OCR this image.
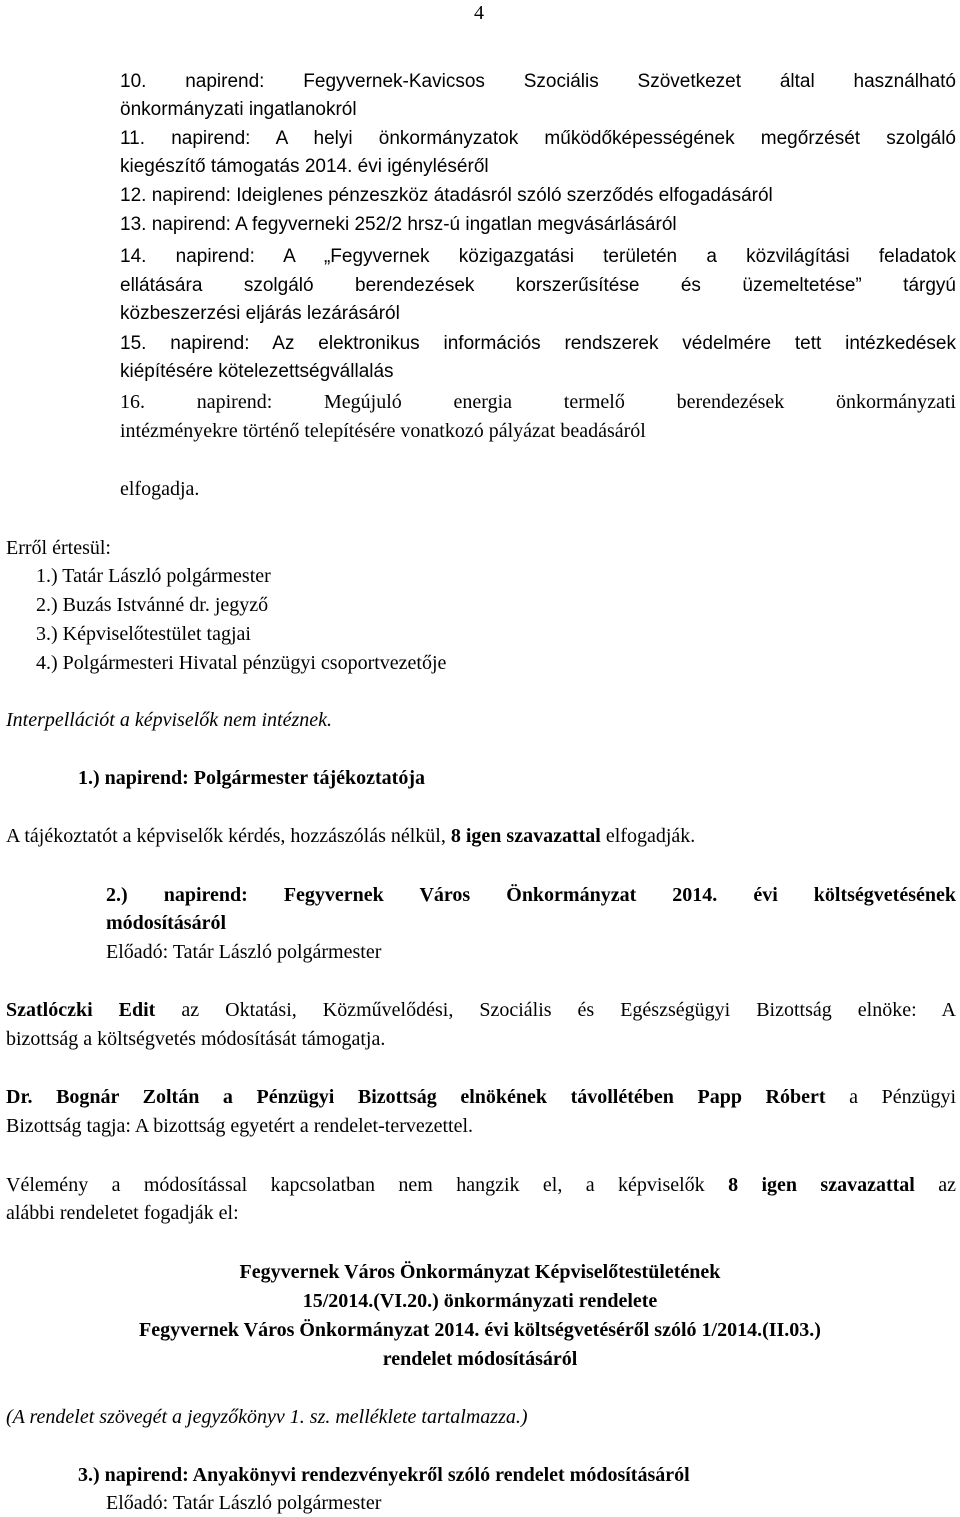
4
10. napirend: Fegyvernek-Kavicsos Szociális Szövetkezet által használható
önkormányzati ingatlanokról
11. napirend: A helyi önkormányzatok működőképességének megőrzését szolgáló
kiegészítő támogatás 2014. évi igényléséről
12. napirend: Ideiglenes pénzeszköz átadásról szóló szerződés elfogadásáról
13. napirend: A fegyverneki 252/2 hrsz-ú ingatlan megvásárlásáról
14. napirend: A „Fegyvernek közigazgatási területén a közvilágítási feladatok
ellátására szolgáló berendezések korszerűsítése és üzemeltetése” tárgyú
közbeszerzési eljárás lezárásáról
15. napirend: Az elektronikus információs rendszerek védelmére tett intézkedések
kiépítésére kötelezettségvállalás
16. napirend: Megújuló energia termelő berendezések önkormányzati
intézményekre történő telepítésére vonatkozó pályázat beadásáról
elfogadja.
Erről értesül:
1.) Tatár László polgármester
2.) Buzás Istvánné dr. jegyző
3.) Képviselőtestület tagjai
4.) Polgármesteri Hivatal pénzügyi csoportvezetője
Interpellációt a képviselők nem intéznek.
1.) napirend: Polgármester tájékoztatója
A tájékoztatót a képviselők kérdés, hozzászólás nélkül, 8 igen szavazattal elfogadják.
2.) napirend: Fegyvernek Város Önkormányzat 2014. évi költségvetésének
módosításáról
Előadó: Tatár László polgármester
Szatlóczki Edit az Oktatási, Közművelődési, Szociális és Egészségügyi Bizottság elnöke: A
bizottság a költségvetés módosítását támogatja.
Dr. Bognár Zoltán a Pénzügyi Bizottság elnökének távollétében Papp Róbert a Pénzügyi
Bizottság tagja: A bizottság egyetért a rendelet-tervezettel.
Vélemény a módosítással kapcsolatban nem hangzik el, a képviselők 8 igen szavazattal az
alábbi rendeletet fogadják el:
Fegyvernek Város Önkormányzat Képviselőtestületének
15/2014.(VI.20.) önkormányzati rendelete
Fegyvernek Város Önkormányzat 2014. évi költségvetéséről szóló 1/2014.(II.03.)
rendelet módosításáról
(A rendelet szövegét a jegyzőkönyv 1. sz. melléklete tartalmazza.)
3.) napirend: Anyakönyvi rendezvényekről szóló rendelet módosításáról
Előadó: Tatár László polgármester
